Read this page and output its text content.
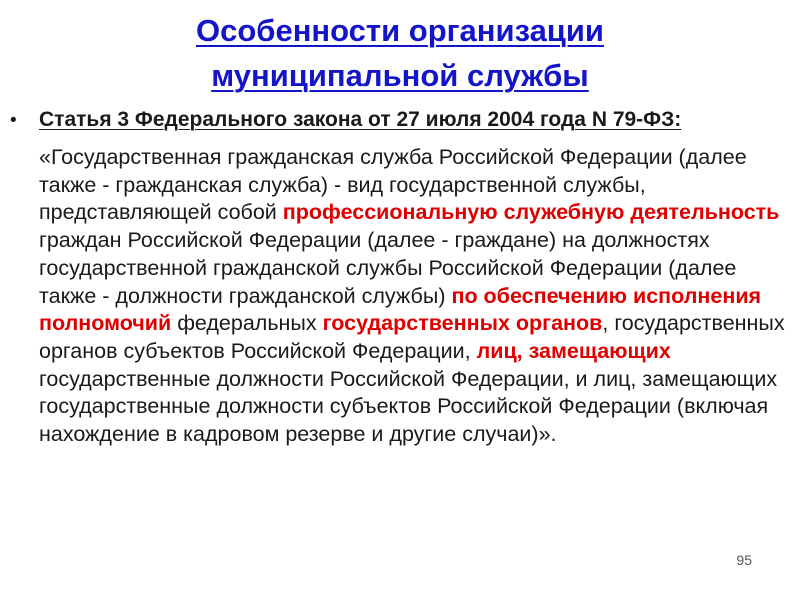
Особенности организации
муниципальной службы
• Статья 3 Федерального закона от 27 июля 2004 года N 79-ФЗ:
«Государственная гражданская служба Российской Федерации (далее также - гражданская служба) - вид государственной службы, представляющей собой профессиональную служебную деятельность граждан Российской Федерации (далее - граждане) на должностях государственной гражданской службы Российской Федерации (далее также - должности гражданской службы) по обеспечению исполнения полномочий федеральных государственных органов, государственных органов субъектов Российской Федерации, лиц, замещающих государственные должности Российской Федерации, и лиц, замещающих государственные должности субъектов Российской Федерации (включая нахождение в кадровом резерве и другие случаи)».
95
